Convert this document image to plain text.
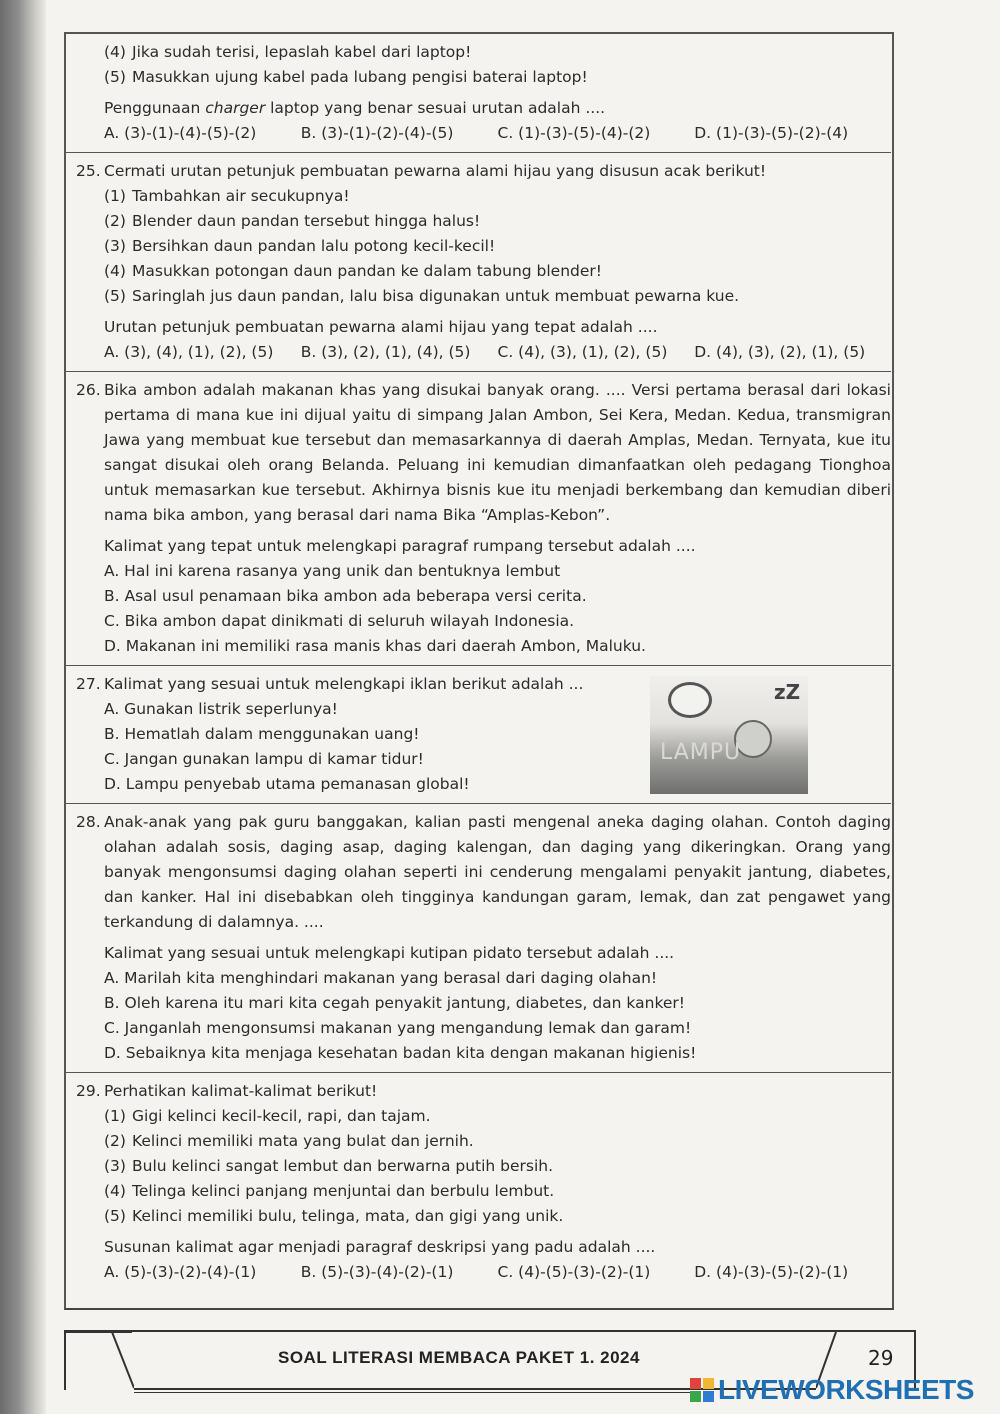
(4) Jika sudah terisi, lepaslah kabel dari laptop!
(5) Masukkan ujung kabel pada lubang pengisi baterai laptop!
Penggunaan charger laptop yang benar sesuai urutan adalah ....
A. (3)-(1)-(4)-(5)-(2)	B. (3)-(1)-(2)-(4)-(5)	C. (1)-(3)-(5)-(4)-(2)	D. (1)-(3)-(5)-(2)-(4)
25. Cermati urutan petunjuk pembuatan pewarna alami hijau yang disusun acak berikut!
(1) Tambahkan air secukupnya!
(2) Blender daun pandan tersebut hingga halus!
(3) Bersihkan daun pandan lalu potong kecil-kecil!
(4) Masukkan potongan daun pandan ke dalam tabung blender!
(5) Saringlah jus daun pandan, lalu bisa digunakan untuk membuat pewarna kue.
Urutan petunjuk pembuatan pewarna alami hijau yang tepat adalah ....
A. (3), (4), (1), (2), (5)	B. (3), (2), (1), (4), (5)	C. (4), (3), (1), (2), (5)	D. (4), (3), (2), (1), (5)
26. Bika ambon adalah makanan khas yang disukai banyak orang. .... Versi pertama berasal dari lokasi pertama di mana kue ini dijual yaitu di simpang Jalan Ambon, Sei Kera, Medan. Kedua, transmigran Jawa yang membuat kue tersebut dan memasarkannya di daerah Amplas, Medan. Ternyata, kue itu sangat disukai oleh orang Belanda. Peluang ini kemudian dimanfaatkan oleh pedagang Tionghoa untuk memasarkan kue tersebut. Akhirnya bisnis kue itu menjadi berkembang dan kemudian diberi nama bika ambon, yang berasal dari nama Bika “Amplas-Kebon”.
Kalimat yang tepat untuk melengkapi paragraf rumpang tersebut adalah ....
A. Hal ini karena rasanya yang unik dan bentuknya lembut
B. Asal usul penamaan bika ambon ada beberapa versi cerita.
C. Bika ambon dapat dinikmati di seluruh wilayah Indonesia.
D. Makanan ini memiliki rasa manis khas dari daerah Ambon, Maluku.
27. Kalimat yang sesuai untuk melengkapi iklan berikut adalah ...
A. Gunakan listrik seperlunya!
B. Hematlah dalam menggunakan uang!
C. Jangan gunakan lampu di kamar tidur!
D. Lampu penyebab utama pemanasan global!
zZ
LAMPU
28. Anak-anak yang pak guru banggakan, kalian pasti mengenal aneka daging olahan. Contoh daging olahan adalah sosis, daging asap, daging kalengan, dan daging yang dikeringkan. Orang yang banyak mengonsumsi daging olahan seperti ini cenderung mengalami penyakit jantung, diabetes, dan kanker. Hal ini disebabkan oleh tingginya kandungan garam, lemak, dan zat pengawet yang terkandung di dalamnya. ....
Kalimat yang sesuai untuk melengkapi kutipan pidato tersebut adalah ....
A. Marilah kita menghindari makanan yang berasal dari daging olahan!
B. Oleh karena itu mari kita cegah penyakit jantung, diabetes, dan kanker!
C. Janganlah mengonsumsi makanan yang mengandung lemak dan garam!
D. Sebaiknya kita menjaga kesehatan badan kita dengan makanan higienis!
29. Perhatikan kalimat-kalimat berikut!
(1) Gigi kelinci kecil-kecil, rapi, dan tajam.
(2) Kelinci memiliki mata yang bulat dan jernih.
(3) Bulu kelinci sangat lembut dan berwarna putih bersih.
(4) Telinga kelinci panjang menjuntai dan berbulu lembut.
(5) Kelinci memiliki bulu, telinga, mata, dan gigi yang unik.
Susunan kalimat agar menjadi paragraf deskripsi yang padu adalah ....
A. (5)-(3)-(2)-(4)-(1)	B. (5)-(3)-(4)-(2)-(1)	C. (4)-(5)-(3)-(2)-(1)	D. (4)-(3)-(5)-(2)-(1)
SOAL LITERASI MEMBACA PAKET 1. 2024	29
LIVEWORKSHEETS
